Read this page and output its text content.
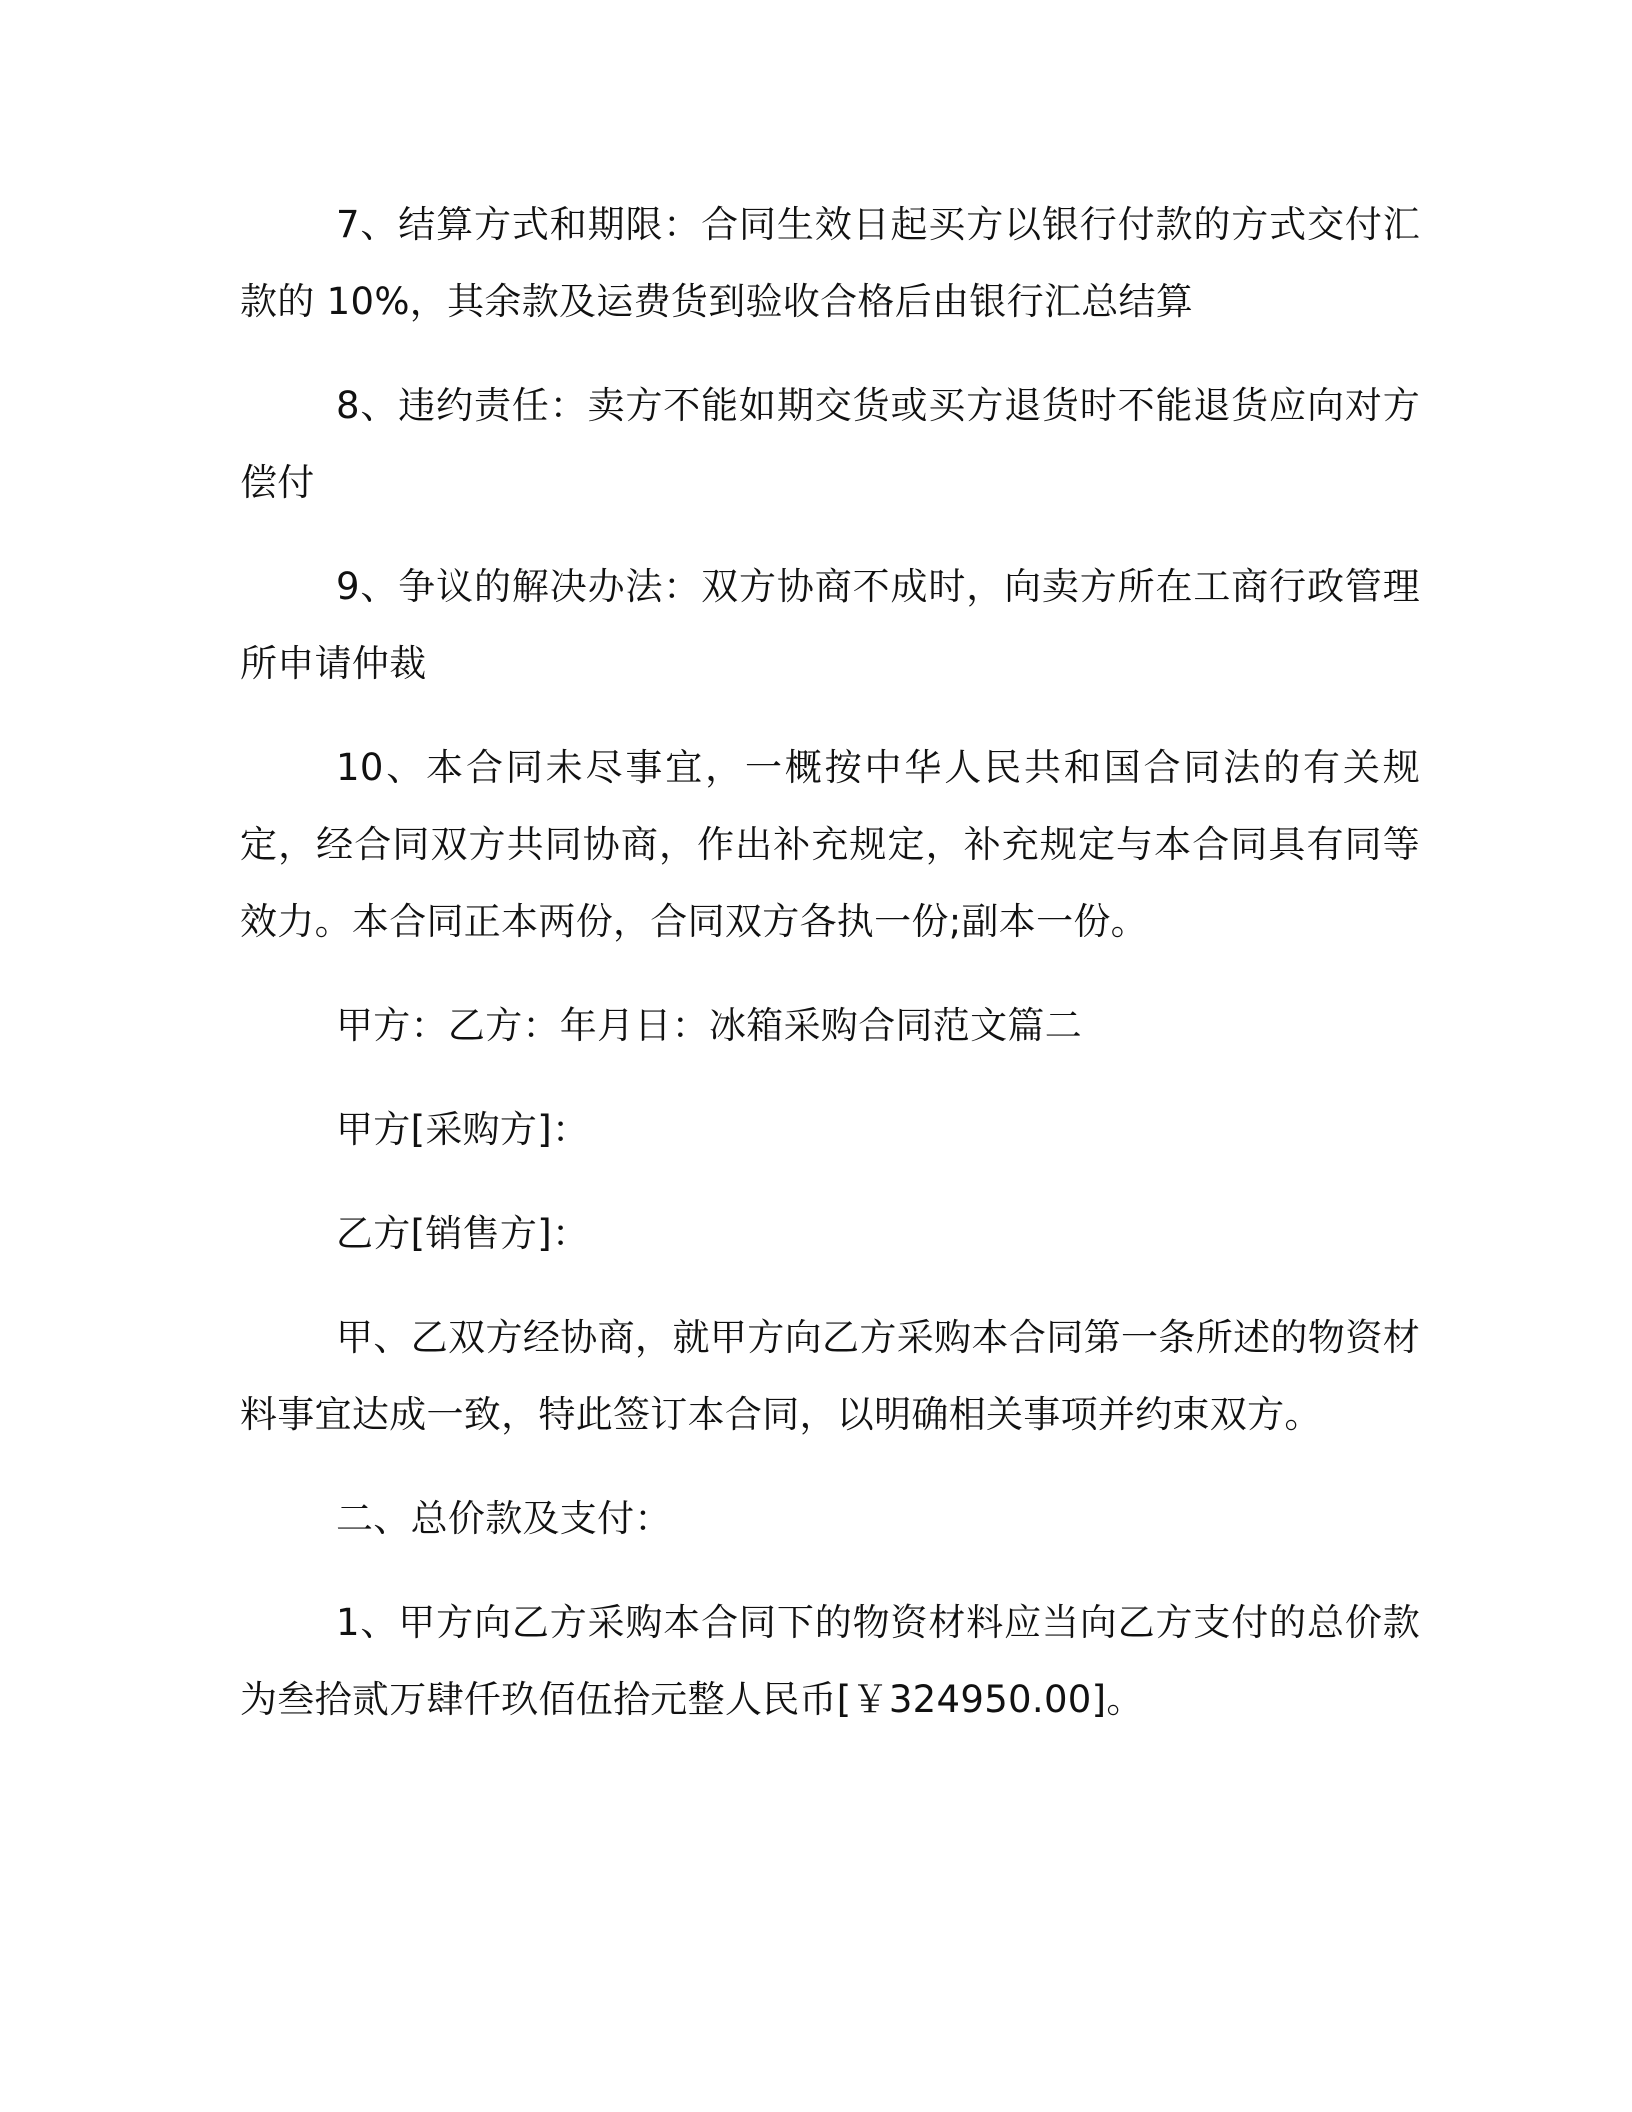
7、结算方式和期限：合同生效日起买方以银行付款的方式交付汇款的 10%，其余款及运费货到验收合格后由银行汇总结算

8、违约责任：卖方不能如期交货或买方退货时不能退货应向对方偿付

9、争议的解决办法：双方协商不成时，向卖方所在工商行政管理所申请仲裁

10、本合同未尽事宜，一概按中华人民共和国合同法的有关规定，经合同双方共同协商，作出补充规定，补充规定与本合同具有同等效力。本合同正本两份，合同双方各执一份;副本一份。

甲方：乙方：年月日：冰箱采购合同范文篇二

甲方[采购方]：

乙方[销售方]：

甲、乙双方经协商，就甲方向乙方采购本合同第一条所述的物资材料事宜达成一致，特此签订本合同，以明确相关事项并约束双方。

二、总价款及支付：

1、甲方向乙方采购本合同下的物资材料应当向乙方支付的总价款为叁拾贰万肆仟玖佰伍拾元整人民币[￥324950.00]。
